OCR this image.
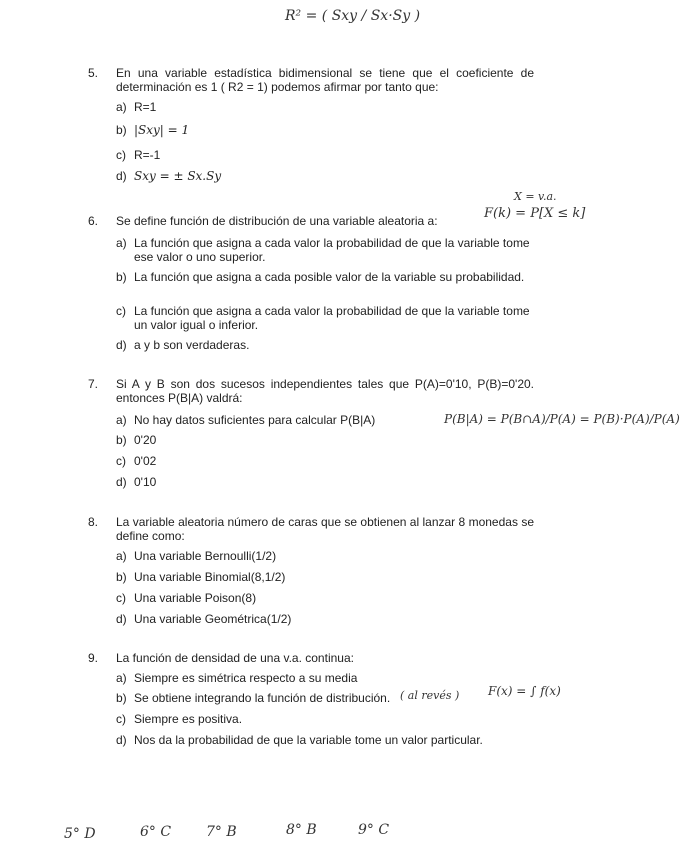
R² = ( Sxy / Sx·Sy )
5. En una variable estadística bidimensional se tiene que el coeficiente de determinación es 1 ( R2 = 1) podemos afirmar por tanto que:
a) R=1
b) |Sxy| = 1
c) R=-1
d) Sxy = ± Sx.Sy
X = v.a.
F(k) = P[X ≤ k]
6. Se define función de distribución de una variable aleatoria a:
a) La función que asigna a cada valor la probabilidad de que la variable tome ese valor o uno superior.
b) La función que asigna a cada posible valor de la variable su probabilidad.
c) La función que asigna a cada valor la probabilidad de que la variable tome un valor igual o inferior.
d) a y b son verdaderas.
7. Si A y B son dos sucesos independientes tales que P(A)=0'10, P(B)=0'20. entonces P(B|A) valdrá:
a) No hay datos suficientes para calcular P(B|A)
b) 0'20
c) 0'02
d) 0'10
P(B|A) = P(B∩A)/P(A) = P(B)·P(A)/P(A)
8. La variable aleatoria número de caras que se obtienen al lanzar 8 monedas se define como:
a) Una variable Bernoulli(1/2)
b) Una variable Binomial(8,1/2)
c) Una variable Poison(8)
d) Una variable Geométrica(1/2)
9. La función de densidad de una v.a. continua:
a) Siempre es simétrica respecto a su media
b) Se obtiene integrando la función de distribución.
c) Siempre es positiva.
d) Nos da la probabilidad de que la variable tome un valor particular.
( al revés ) F(x) = ∫ f(x)
5° D	6° C 7° B	8° B	9° C
